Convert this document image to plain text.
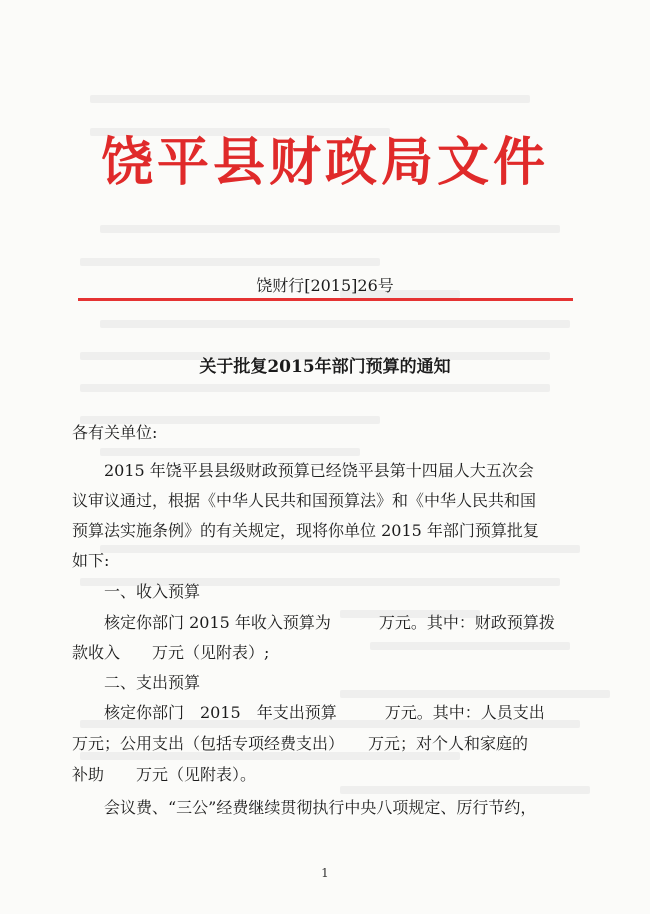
饶平县财政局文件
饶财行[2015]26号
关于批复2015年部门预算的通知
各有关单位:
2015 年饶平县县级财政预算已经饶平县第十四届人大五次会
议审议通过，根据《中华人民共和国预算法》和《中华人民共和国
预算法实施条例》的有关规定，现将你单位 2015 年部门预算批复
如下:
一、收入预算
核定你部门 2015 年收入预算为　　　万元。其中：财政预算拨
款收入　　万元（见附表）;
二、支出预算
核定你部门　2015　年支出预算　　　万元。其中：人员支出
万元；公用支出（包括专项经费支出）　　万元；对个人和家庭的
补助　　万元（见附表）。
会议费、“三公”经费继续贯彻执行中央八项规定、厉行节约，
1
